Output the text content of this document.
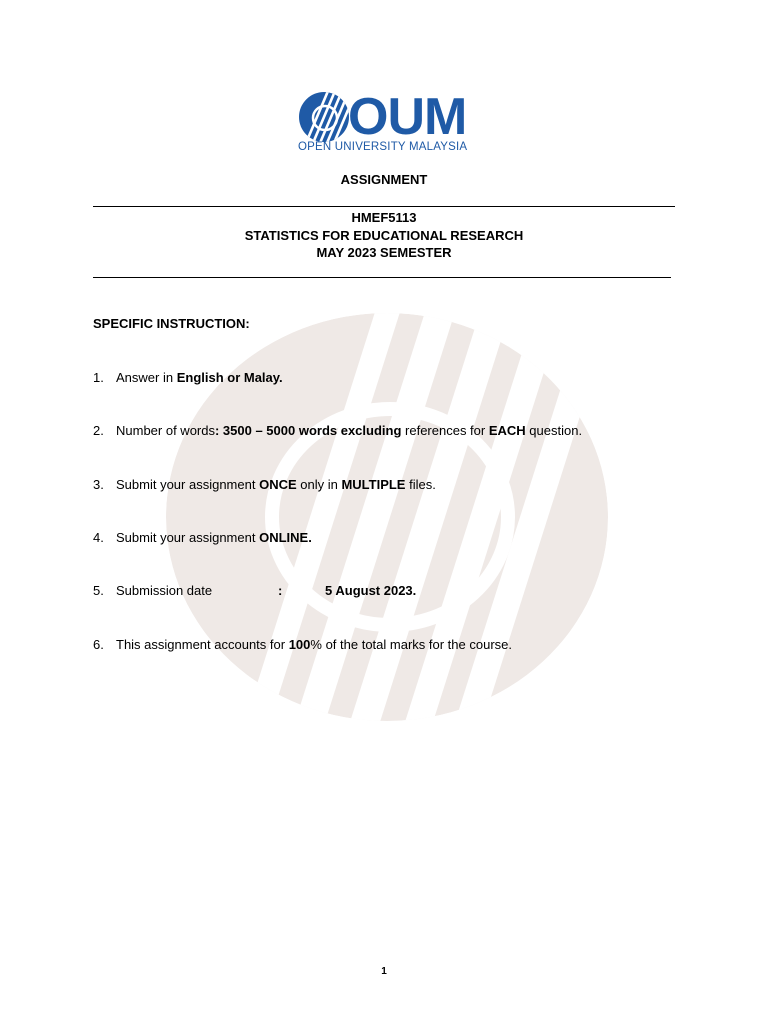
OUM
OPEN UNIVERSITY MALAYSIA
ASSIGNMENT
HMEF5113
STATISTICS FOR EDUCATIONAL RESEARCH
MAY 2023 SEMESTER
SPECIFIC INSTRUCTION:
1. Answer in English or Malay.
2. Number of words: 3500 – 5000 words excluding references for EACH question.
3. Submit your assignment ONCE only in MULTIPLE files.
4. Submit your assignment ONLINE.
5. Submission date	:	5 August 2023.
6. This assignment accounts for 100% of the total marks for the course.
1
